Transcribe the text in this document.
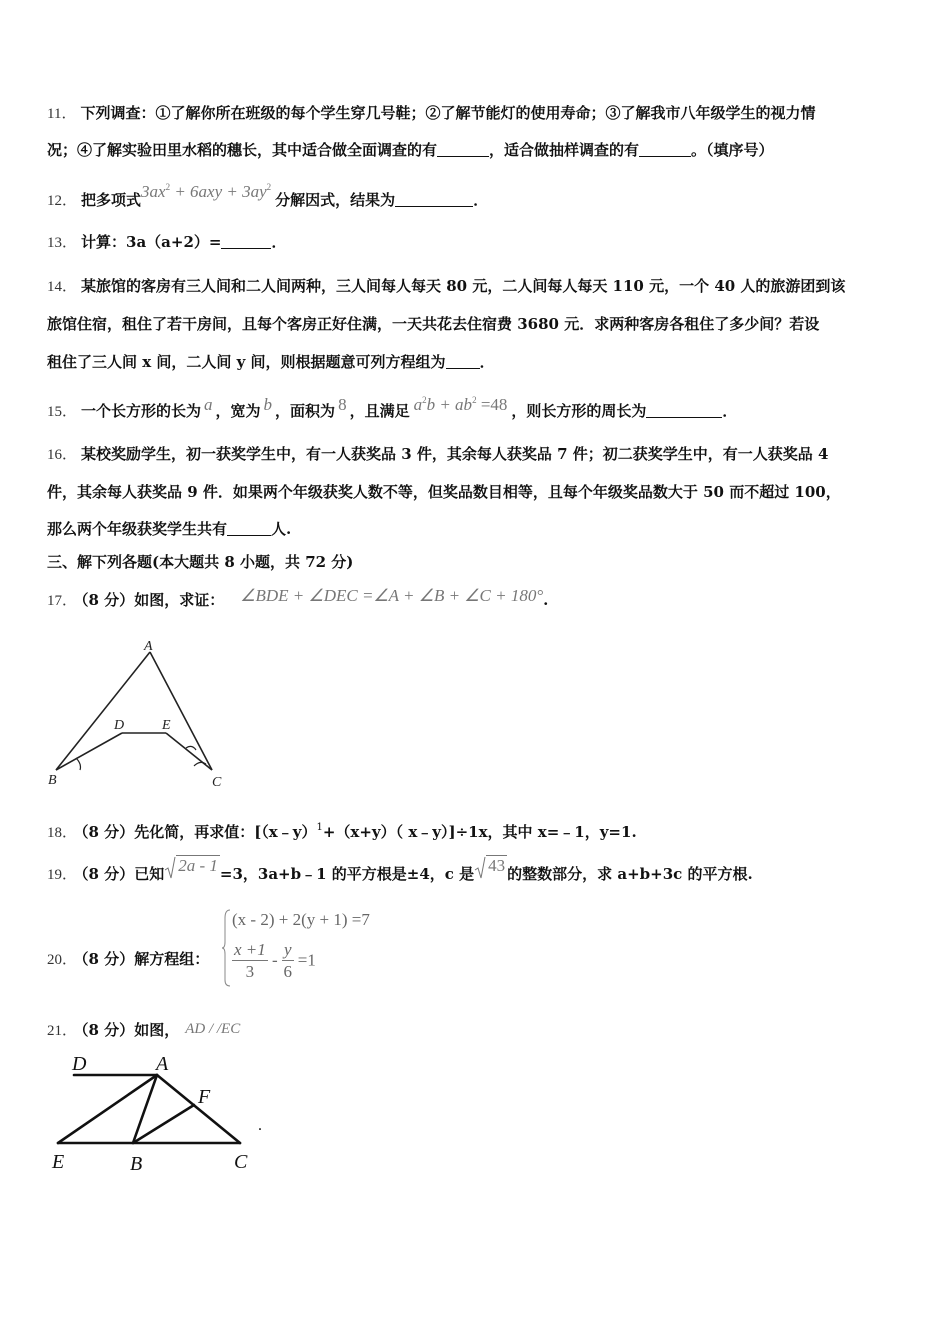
11． 下列调查：①了解你所在班级的每个学生穿几号鞋；②了解节能灯的使用寿命；③了解我市八年级学生的视力情
况；④了解实验田里水稻的穗长，其中适合做全面调查的有	，适合做抽样调查的有	。（填序号）
12． 把多项式$3ax^2 + 6axy + 3ay^2$分解因式，结果为	．
13． 计算：3a（a+2）=	．
14． 某旅馆的客房有三人间和二人间两种，三人间每人每天 80 元，二人间每人每天 110 元，一个 40 人的旅游团到该
旅馆住宿，租住了若干房间，且每个客房正好住满，一天共花去住宿费 3680 元．求两种客房各租住了多少间？若设
租住了三人间 x 间，二人间 y 间，则根据题意可列方程组为 ．
15． 一个长方形的长为 a ，宽为 b ，面积为 8 ，且满足 $a^2b + ab^2 =48$ ，则长方形的周长为	．
16． 某校奖励学生，初一获奖学生中，有一人获奖品 3 件，其余每人获奖品 7 件；初二获奖学生中，有一人获奖品 4
件，其余每人获奖品 9 件．如果两个年级获奖人数不等，但奖品数目相等，且每个年级奖品数大于 50 而不超过 100，
那么两个年级获奖学生共有	人.
三、解下列各题(本大题共 8 小题，共 72 分)
17． （8 分）如图，求证： ∠BDE + ∠DEC =∠A + ∠B + ∠C + 180°.
A
B	C
D	E
18． （8 分）先化简，再求值：[（x﹣y）$^1$+（x+y）（ x﹣y）]÷1x，其中 x=﹣1，y=1.
19． （8 分）已知 2a - 1 =3，3a+b﹣1 的平方根是±4，c 是 43 的整数部分，求 a+b+3c 的平方根.
20． （8 分）解方程组：
(x - 2) + 2(y + 1) =7
$\frac{x +1}{3} - \frac{y}{6} =1$
21． （8 分）如图， AD / /EC
D	A
F
E	B	C
.
